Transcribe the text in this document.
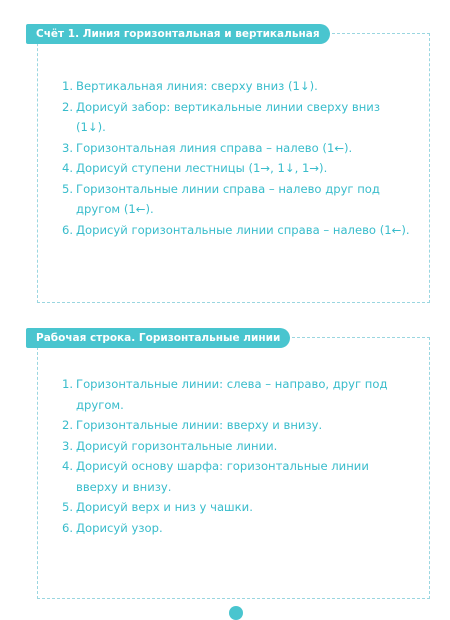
Счёт 1. Линия горизонтальная и вертикальная
1. Вертикальная линия: сверху вниз (1↓).
2. Дорисуй забор: вертикальные линии сверху вниз (1↓).
3. Горизонтальная линия справа – налево (1←).
4. Дорисуй ступени лестницы (1→, 1↓, 1→).
5. Горизонтальные линии справа – налево друг под другом (1←).
6. Дорисуй горизонтальные линии справа – налево (1←).
Рабочая строка. Горизонтальные линии
1. Горизонтальные линии: слева – направо, друг под другом.
2. Горизонтальные линии: вверху и внизу.
3. Дорисуй горизонтальные линии.
4. Дорисуй основу шарфа: горизонтальные линии вверху и внизу.
5. Дорисуй верх и низ у чашки.
6. Дорисуй узор.
